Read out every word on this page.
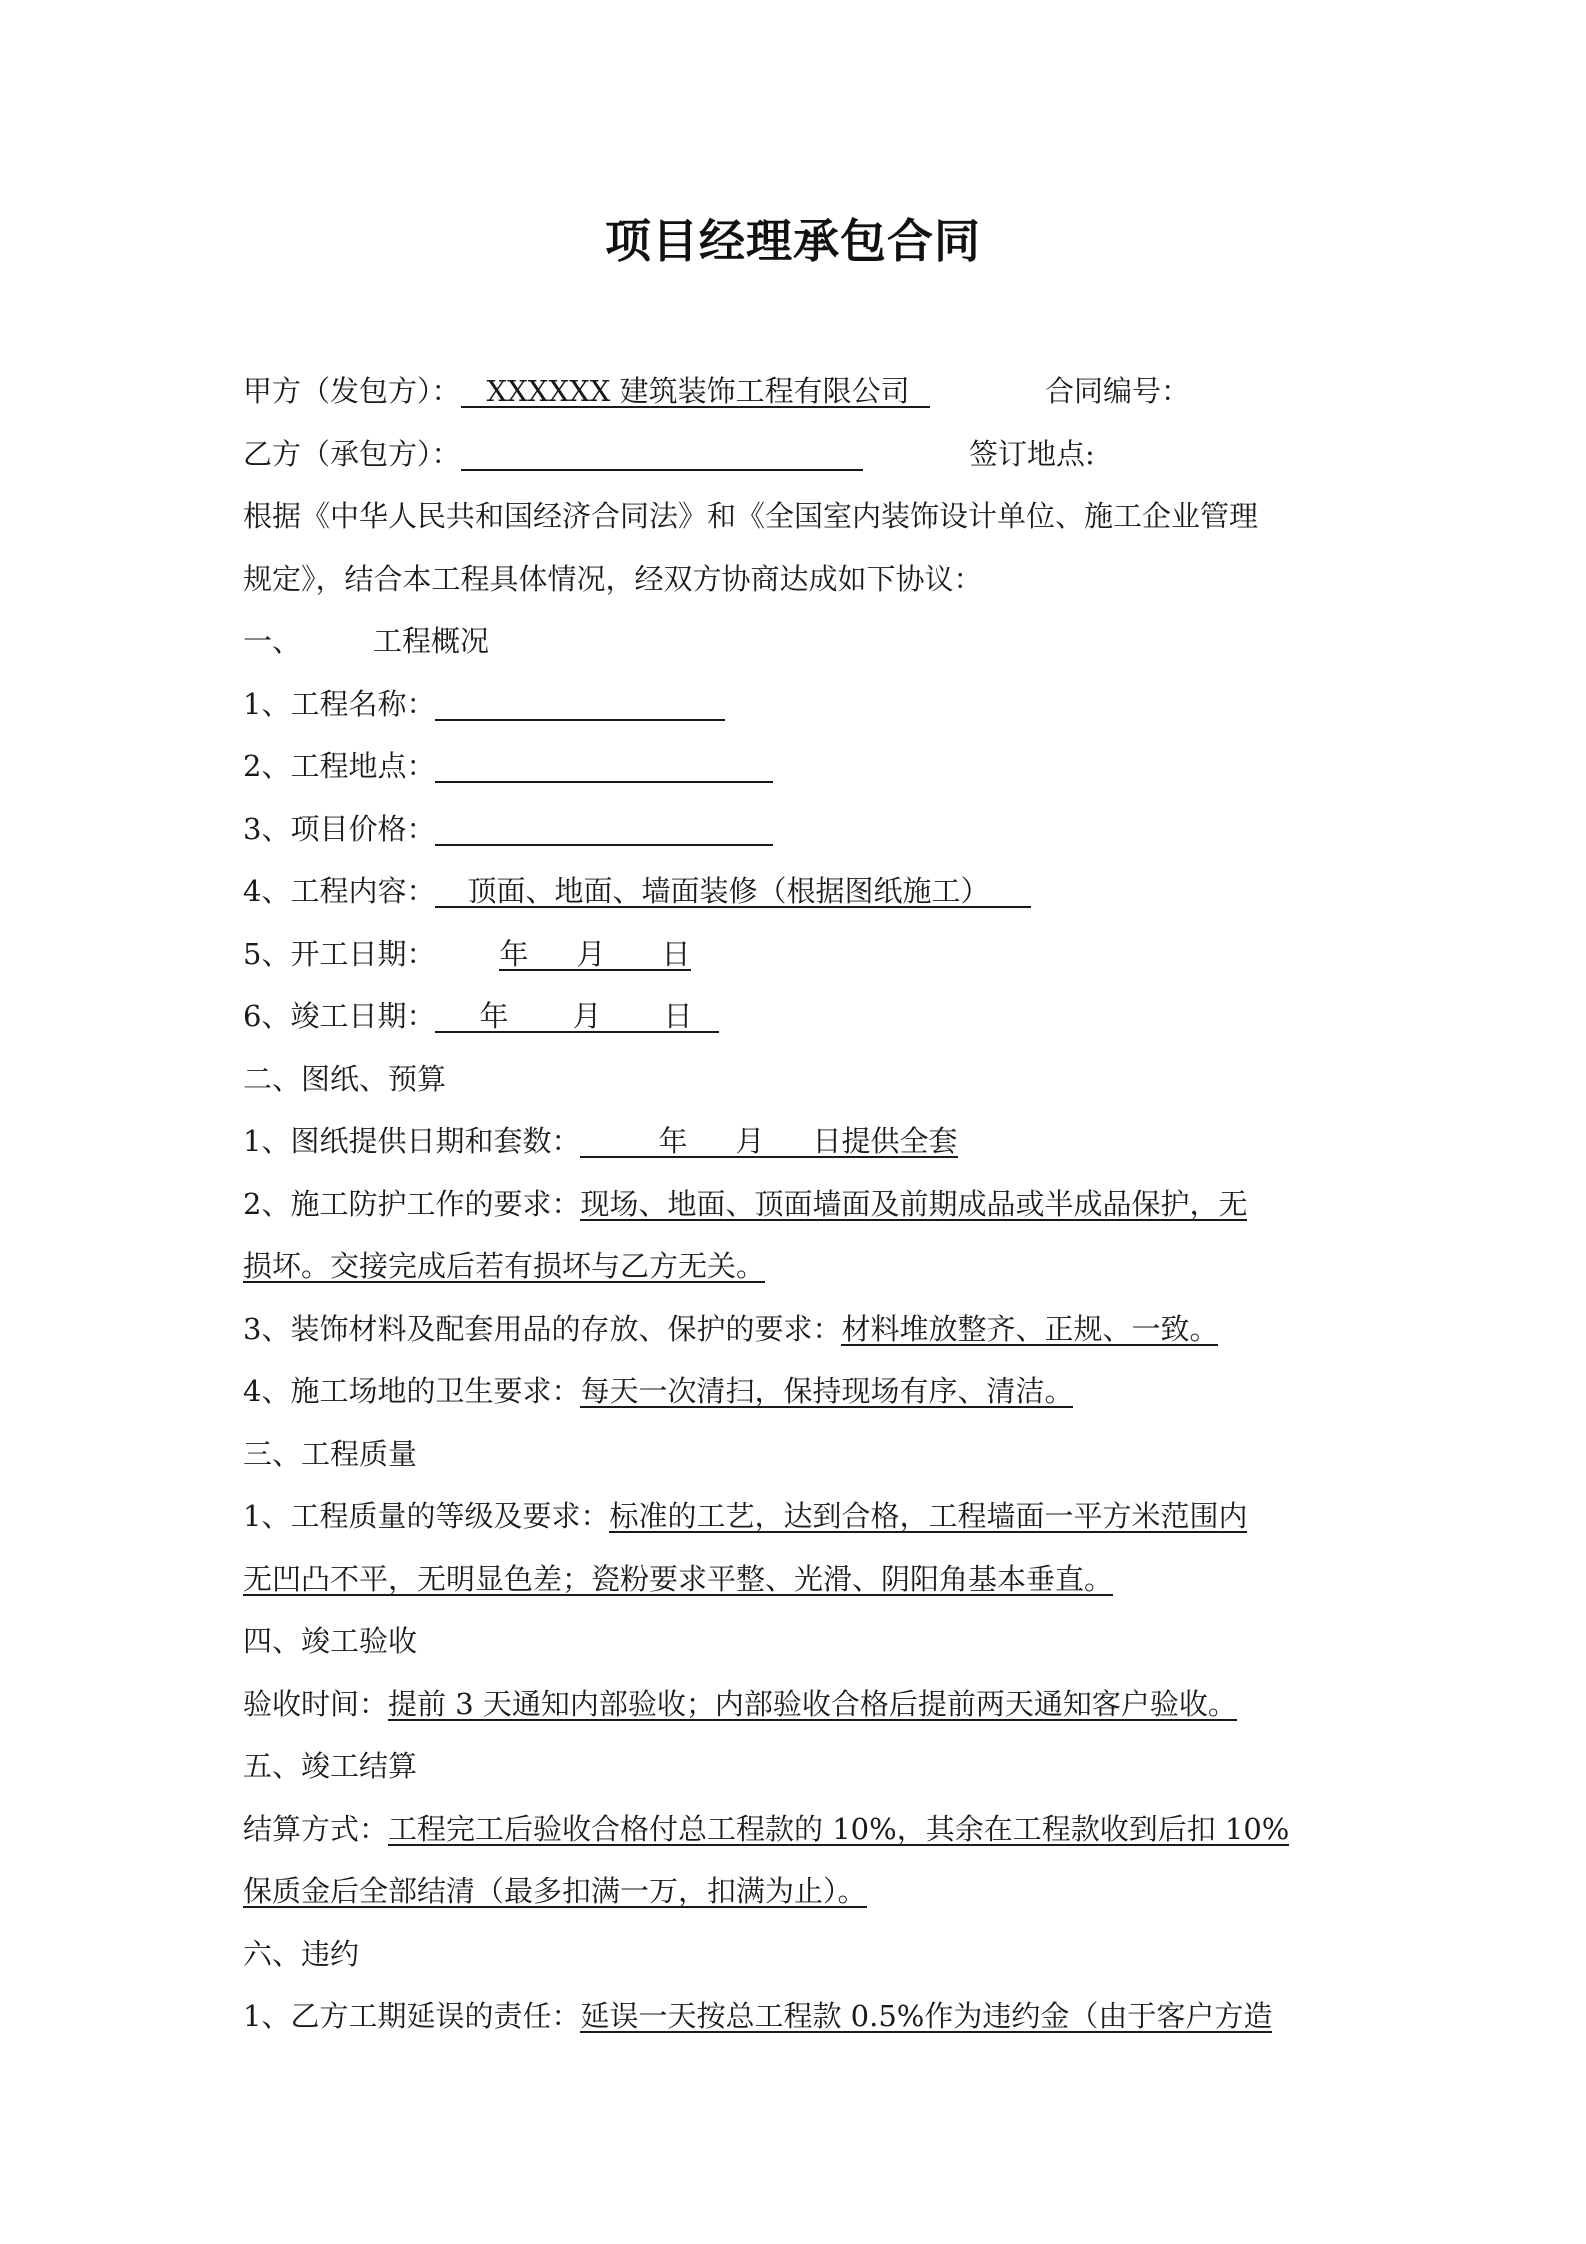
项目经理承包合同
甲方（发包方）： XXXXXX 建筑装饰工程有限公司	合同编号：
乙方（承包方）：	签订地点:
根据《中华人民共和国经济合同法》和《全国室内装饰设计单位、施工企业管理
规定》，结合本工程具体情况，经双方协商达成如下协议：
一、 工程概况
1、工程名称：
2、工程地点：
3、项目价格：
4、工程内容： 顶面、地面、墙面装修（根据图纸施工）
5、开工日期： 年 月 日
6、竣工日期： 年 月 日
二、图纸、预算
1、图纸提供日期和套数：	年 月 日提供全套
2、施工防护工作的要求：现场、地面、顶面墙面及前期成品或半成品保护，无
损坏。交接完成后若有损坏与乙方无关。
3、装饰材料及配套用品的存放、保护的要求：材料堆放整齐、正规、一致。
4、施工场地的卫生要求：每天一次清扫，保持现场有序、清洁。
三、工程质量
1、工程质量的等级及要求：标准的工艺，达到合格，工程墙面一平方米范围内
无凹凸不平，无明显色差；瓷粉要求平整、光滑、阴阳角基本垂直。
四、竣工验收
验收时间：提前 3 天通知内部验收；内部验收合格后提前两天通知客户验收。
五、竣工结算
结算方式：工程完工后验收合格付总工程款的 10%，其余在工程款收到后扣 10%
保质金后全部结清（最多扣满一万，扣满为止）。
六、违约
1、乙方工期延误的责任：延误一天按总工程款 0.5%作为违约金（由于客户方造
